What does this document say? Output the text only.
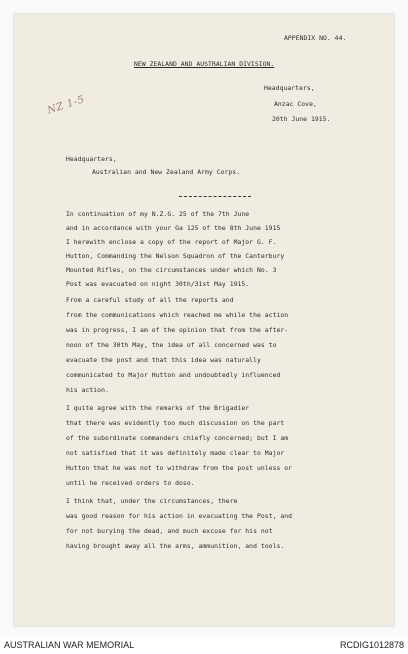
APPENDIX NO. 44.
NEW ZEALAND AND AUSTRALIAN DIVISION.
Headquarters,
Anzac Cove,
20th June 1915.
NZ 1-5
Headquarters,
Australian and New Zealand Army Corps.
In continuation of my N.Z.G. 25 of the 7th June
and in accordance with your Ga 125 of the 8th June 1915
I herewith enclose a copy of the report of Major G. F.
Hutton, Commanding the Nelson Squadron of the Canterbury
Mounted Rifles, on the circumstances under which No. 3
Post was evacuated on night 30th/31st May 1915.
From a careful study of all the reports and
from the communications which reached me while the action
was in progress, I am of the opinion that from the after-
noon of the 30th May, the idea of all concerned was to
evacuate the post and that this idea was naturally
communicated to Major Hutton and undoubtedly influenced
his action.
I quite agree with the remarks of the Brigadier
that there was evidently too much discussion on the part
of the subordinate commanders chiefly concerned; but I am
not satisfied that it was definitely made clear to Major
Hutton that he was not to withdraw from the post unless or
until he received orders to doso.
I think that, under the circumstances, there
was good reason for his action in evacuating the Post, and
for not burying the dead, and much excuse for his not
having brought away all the arms, ammunition, and tools.
AUSTRALIAN WAR MEMORIAL	RCDIG1012878
